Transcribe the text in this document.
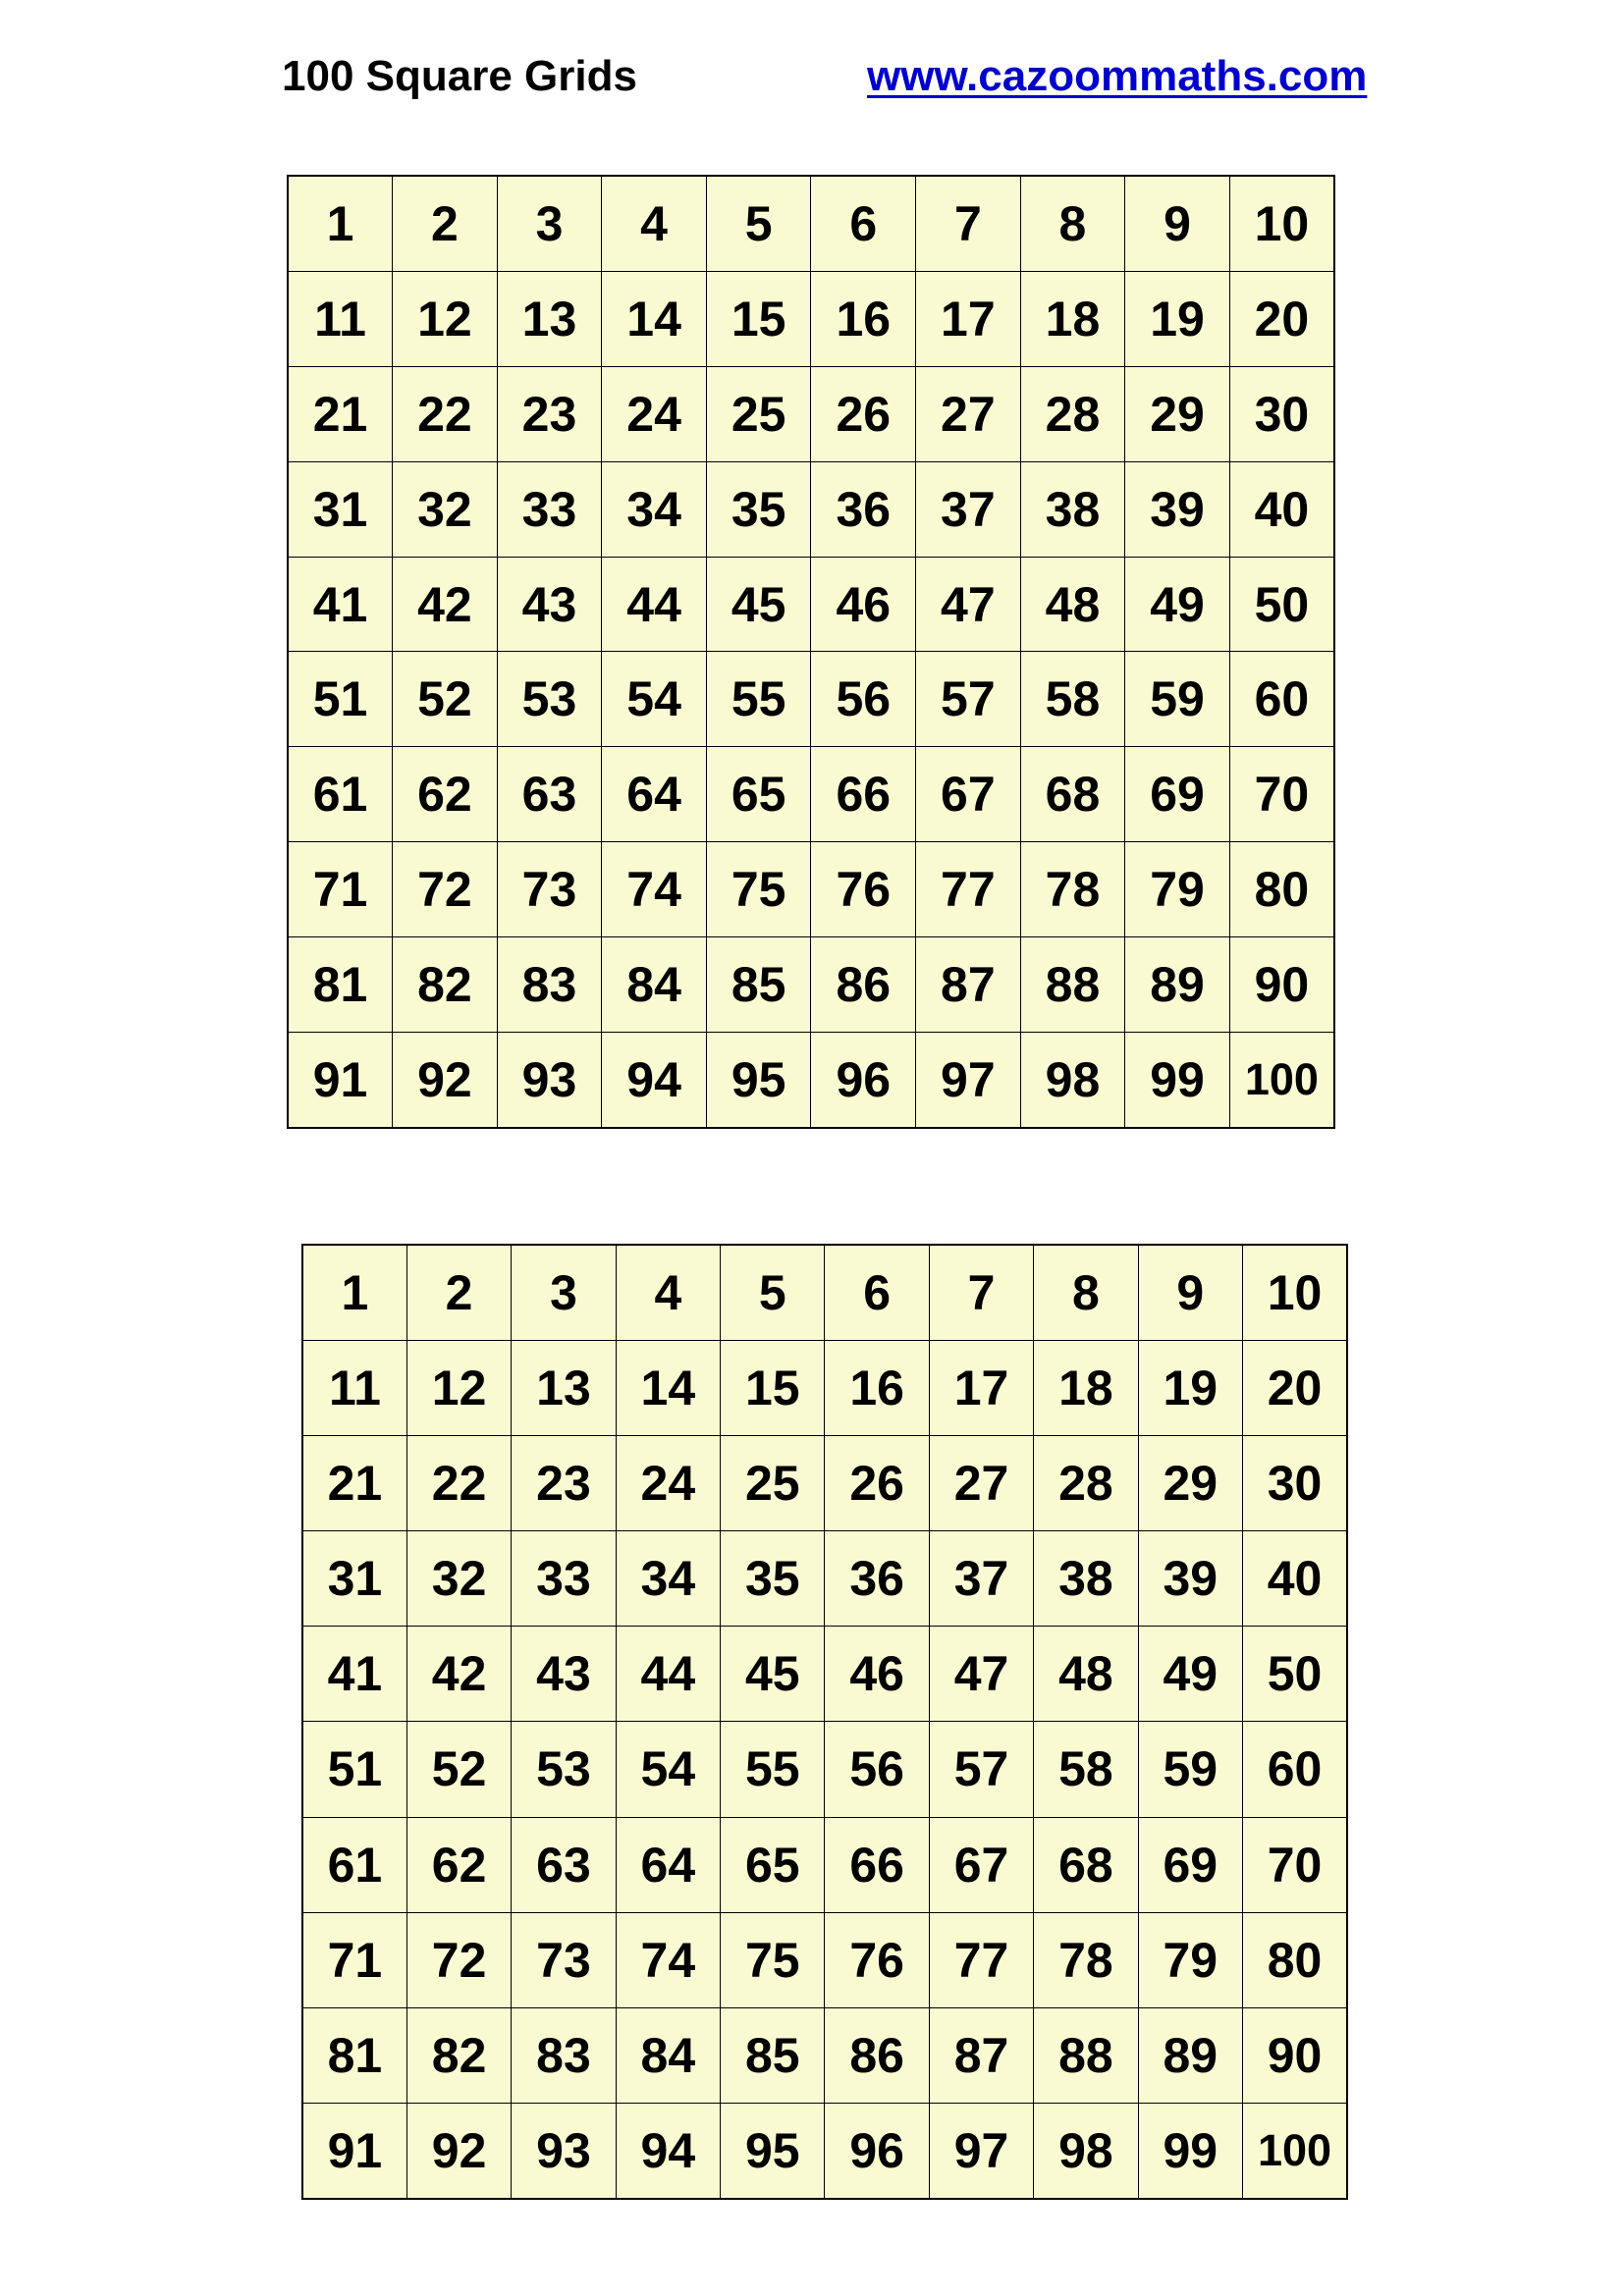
100 Square Grids	www.cazoommaths.com
1	2	3	4	5	6	7	8	9	10
11	12	13	14	15	16	17	18	19	20
21	22	23	24	25	26	27	28	29	30
31	32	33	34	35	36	37	38	39	40
41	42	43	44	45	46	47	48	49	50
51	52	53	54	55	56	57	58	59	60
61	62	63	64	65	66	67	68	69	70
71	72	73	74	75	76	77	78	79	80
81	82	83	84	85	86	87	88	89	90
91	92	93	94	95	96	97	98	99	100
1	2	3	4	5	6	7	8	9	10
11	12	13	14	15	16	17	18	19	20
21	22	23	24	25	26	27	28	29	30
31	32	33	34	35	36	37	38	39	40
41	42	43	44	45	46	47	48	49	50
51	52	53	54	55	56	57	58	59	60
61	62	63	64	65	66	67	68	69	70
71	72	73	74	75	76	77	78	79	80
81	82	83	84	85	86	87	88	89	90
91	92	93	94	95	96	97	98	99	100
